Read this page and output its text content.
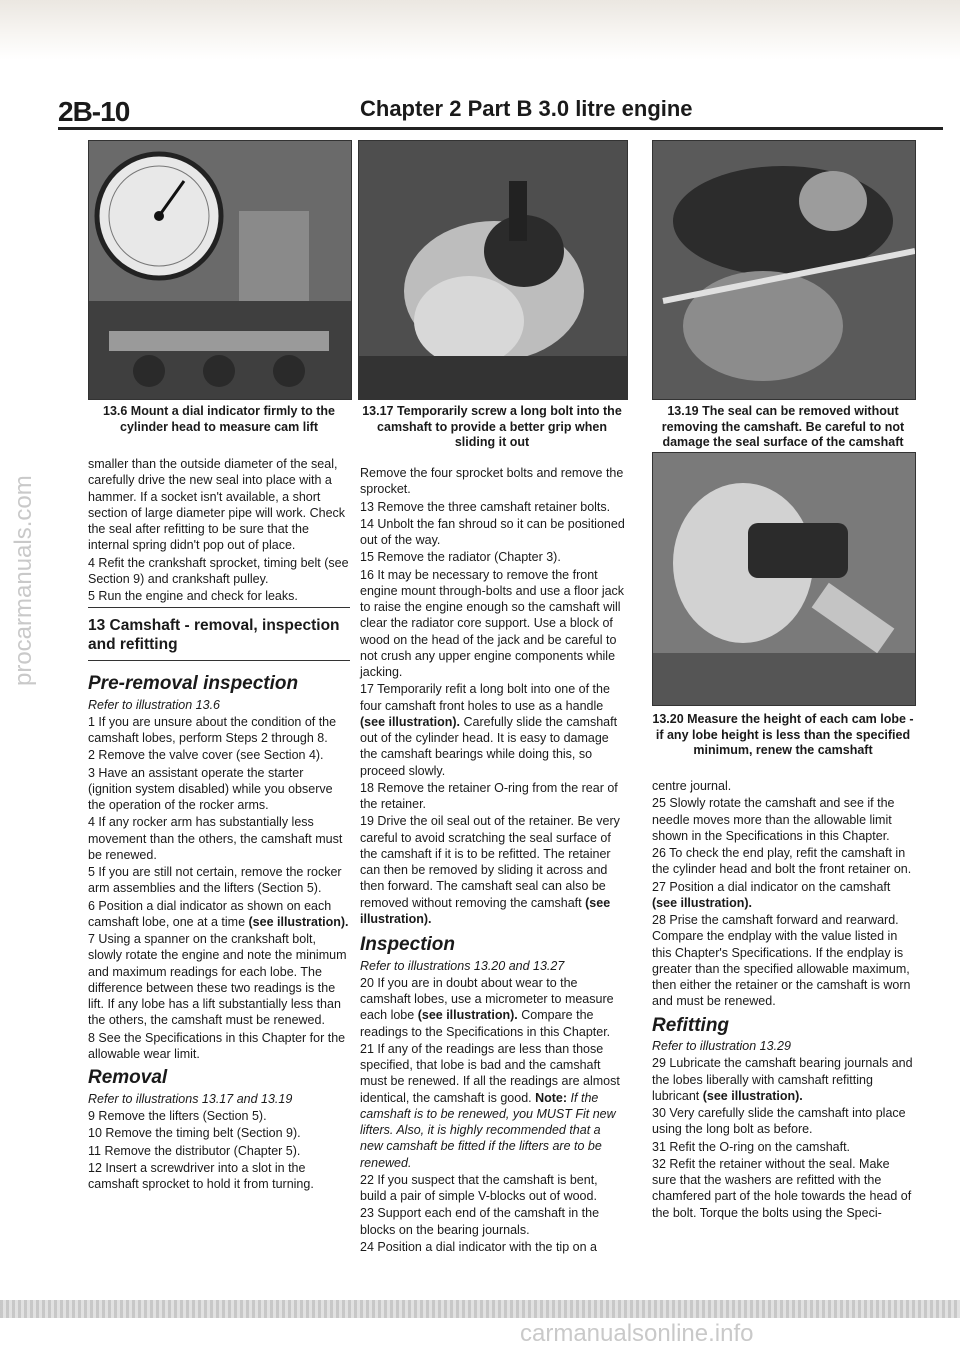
2B-10	Chapter 2 Part B 3.0 litre engine
procarmanuals.com
13.6 Mount a dial indicator firmly to the cylinder head to measure cam lift
13.17 Temporarily screw a long bolt into the camshaft to provide a better grip when sliding it out
13.19 The seal can be removed without removing the camshaft. Be careful to not damage the seal surface of the camshaft
13.20 Measure the height of each cam lobe - if any lobe height is less than the specified minimum, renew the camshaft

smaller than the outside diameter of the seal, carefully drive the new seal into place with a hammer. If a socket isn't available, a short section of large diameter pipe will work. Check the seal after refitting to be sure that the internal spring didn't pop out of place.

4 Refit the crankshaft sprocket, timing belt (see Section 9) and crankshaft pulley.

5 Run the engine and check for leaks.

13 Camshaft - removal, inspection and refitting
Pre-removal inspection

Refer to illustration 13.6

1 If you are unsure about the condition of the camshaft lobes, perform Steps 2 through 8.

2 Remove the valve cover (see Section 4).

3 Have an assistant operate the starter (ignition system disabled) while you observe the operation of the rocker arms.

4 If any rocker arm has substantially less movement than the others, the camshaft must be renewed.

5 If you are still not certain, remove the rocker arm assemblies and the lifters (Section 5).

6 Position a dial indicator as shown on each camshaft lobe, one at a time (see illustration).

7 Using a spanner on the crankshaft bolt, slowly rotate the engine and note the minimum and maximum readings for each lobe. The difference between these two readings is the lift. If any lobe has a lift substantially less than the others, the camshaft must be renewed.

8 See the Specifications in this Chapter for the allowable wear limit.

Removal

Refer to illustrations 13.17 and 13.19

9 Remove the lifters (Section 5).

10 Remove the timing belt (Section 9).

11 Remove the distributor (Chapter 5).

12 Insert a screwdriver into a slot in the camshaft sprocket to hold it from turning.

Remove the four sprocket bolts and remove the sprocket.

13 Remove the three camshaft retainer bolts.

14 Unbolt the fan shroud so it can be positioned out of the way.

15 Remove the radiator (Chapter 3).

16 It may be necessary to remove the front engine mount through-bolts and use a floor jack to raise the engine enough so the camshaft will clear the radiator core support. Use a block of wood on the head of the jack and be careful to not crush any upper engine components while jacking.

17 Temporarily refit a long bolt into one of the four camshaft front holes to use as a handle (see illustration). Carefully slide the camshaft out of the cylinder head. It is easy to damage the camshaft bearings while doing this, so proceed slowly.

18 Remove the retainer O-ring from the rear of the retainer.

19 Drive the oil seal out of the retainer. Be very careful to avoid scratching the seal surface of the camshaft if it is to be refitted. The retainer can then be removed by sliding it across and then forward. The camshaft seal can also be removed without removing the camshaft (see illustration).

Inspection

Refer to illustrations 13.20 and 13.27

20 If you are in doubt about wear to the camshaft lobes, use a micrometer to measure each lobe (see illustration). Compare the readings to the Specifications in this Chapter.

21 If any of the readings are less than those specified, that lobe is bad and the camshaft must be renewed. If all the readings are almost identical, the camshaft is good. Note: If the camshaft is to be renewed, you MUST Fit new lifters. Also, it is highly recommended that a new camshaft be fitted if the lifters are to be renewed.

22 If you suspect that the camshaft is bent, build a pair of simple V-blocks out of wood.

23 Support each end of the camshaft in the blocks on the bearing journals.

24 Position a dial indicator with the tip on a

centre journal.

25 Slowly rotate the camshaft and see if the needle moves more than the allowable limit shown in the Specifications in this Chapter.

26 To check the end play, refit the camshaft in the cylinder head and bolt the front retainer on.

27 Position a dial indicator on the camshaft (see illustration).

28 Prise the camshaft forward and rearward. Compare the endplay with the value listed in this Chapter's Specifications. If the endplay is greater than the specified allowable maximum, then either the retainer or the camshaft is worn and must be renewed.

Refitting

Refer to illustration 13.29

29 Lubricate the camshaft bearing journals and the lobes liberally with camshaft refitting lubricant (see illustration).

30 Very carefully slide the camshaft into place using the long bolt as before.

31 Refit the O-ring on the camshaft.

32 Refit the retainer without the seal. Make sure that the washers are refitted with the chamfered part of the hole towards the head of the bolt. Torque the bolts using the Speci-

carmanualsonline.info
